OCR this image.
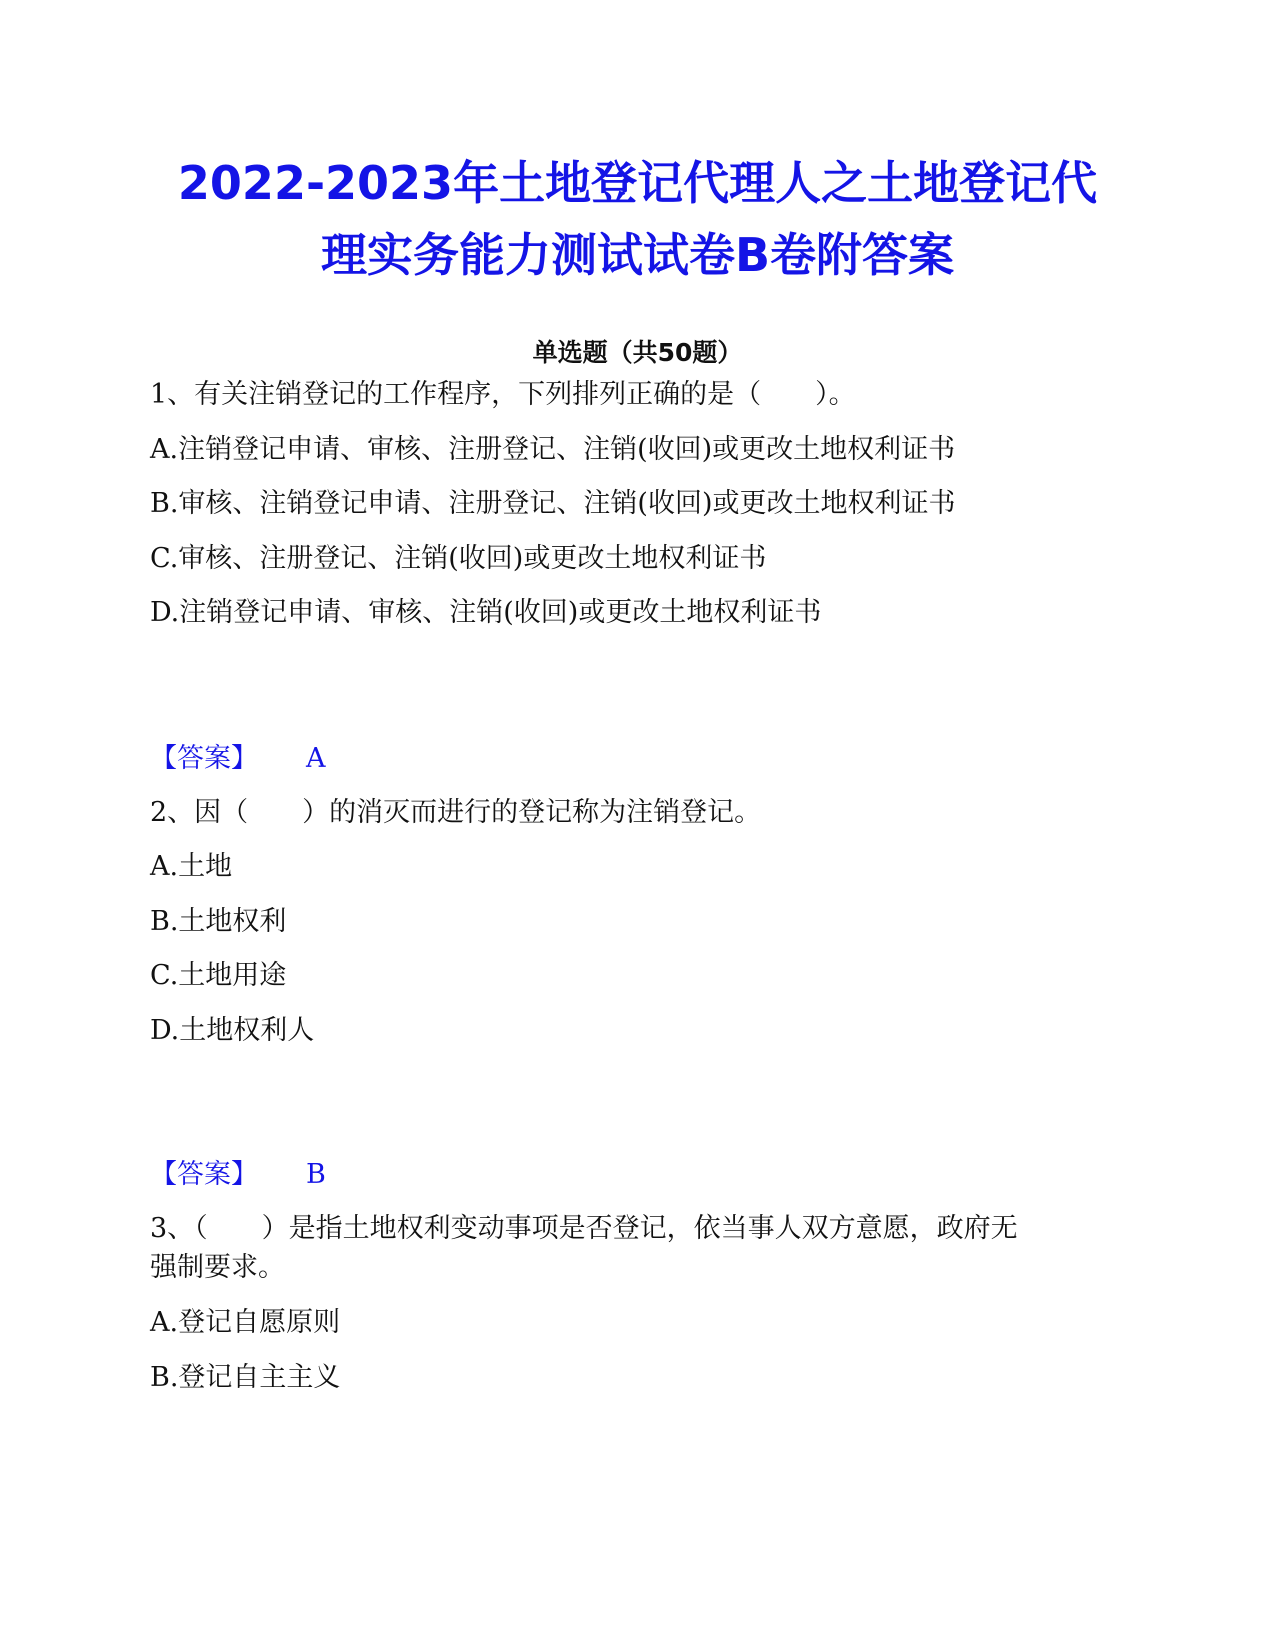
2022-2023年土地登记代理人之土地登记代
理实务能力测试试卷B卷附答案
单选题（共50题）
1、有关注销登记的工作程序，下列排列正确的是（　　）。
A.注销登记申请、审核、注册登记、注销(收回)或更改土地权利证书
B.审核、注销登记申请、注册登记、注销(收回)或更改土地权利证书
C.审核、注册登记、注销(收回)或更改土地权利证书
D.注销登记申请、审核、注销(收回)或更改土地权利证书
【答案】 A
2、因（　　）的消灭而进行的登记称为注销登记。
A.土地
B.土地权利
C.土地用途
D.土地权利人
【答案】 B
3、（　　）是指土地权利变动事项是否登记，依当事人双方意愿，政府无
强制要求。
A.登记自愿原则
B.登记自主主义
